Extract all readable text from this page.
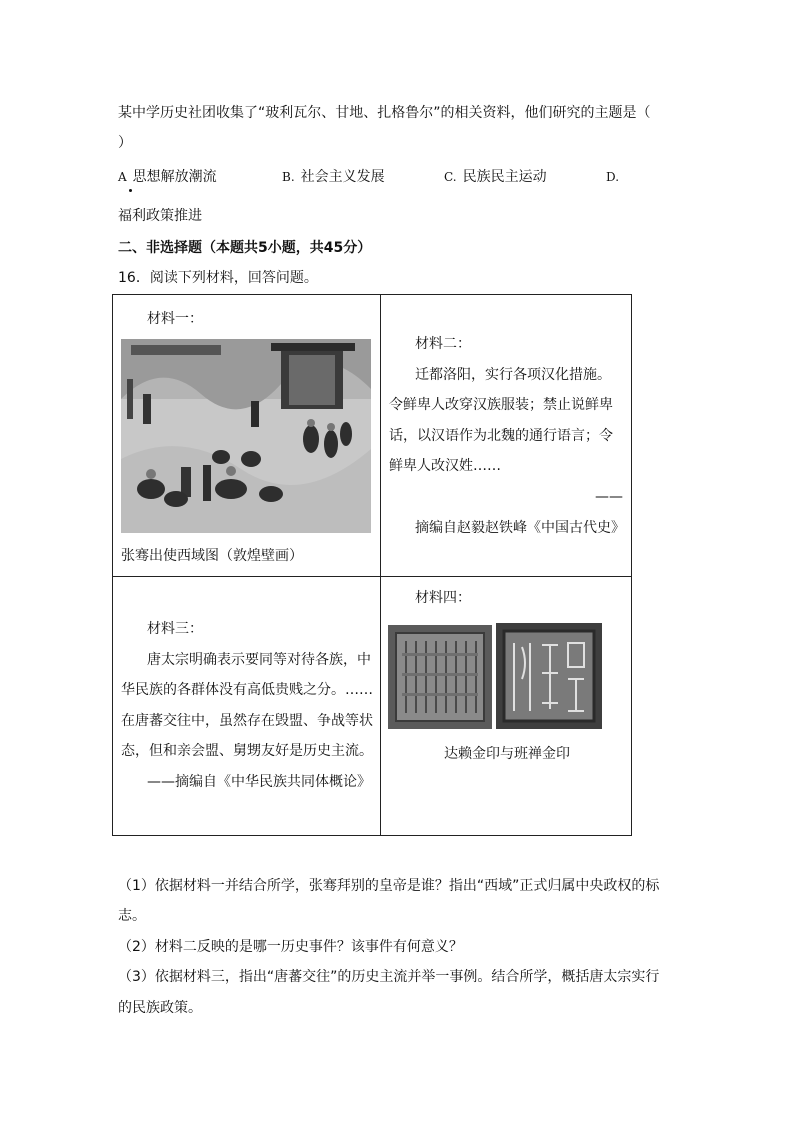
某中学历史社团收集了“玻利瓦尔、甘地、扎格鲁尔”的相关资料，他们研究的主题是（
）
A 思想解放潮流	B. 社会主义发展	C. 民族民主运动	D.
福利政策推进
二、非选择题（本题共5小题，共45分）
16．阅读下列材料，回答问题。
材料一：
张骞出使西域图（敦煌壁画）
材料二：
迁都洛阳，实行各项汉化措施。
令鲜卑人改穿汉族服装；禁止说鲜卑
话，以汉语作为北魏的通行语言；令
鲜卑人改汉姓……
——
摘编自赵毅赵铁峰《中国古代史》
材料三：
唐太宗明确表示要同等对待各族，中
华民族的各群体没有高低贵贱之分。……
在唐蕃交往中，虽然存在毁盟、争战等状
态，但和亲会盟、舅甥友好是历史主流。
——摘编自《中华民族共同体概论》
材料四：
达赖金印与班禅金印
（1）依据材料一并结合所学，张骞拜别的皇帝是谁？指出“西域”正式归属中央政权的标
志。
（2）材料二反映的是哪一历史事件？该事件有何意义？
（3）依据材料三，指出“唐蕃交往”的历史主流并举一事例。结合所学，概括唐太宗实行
的民族政策。
